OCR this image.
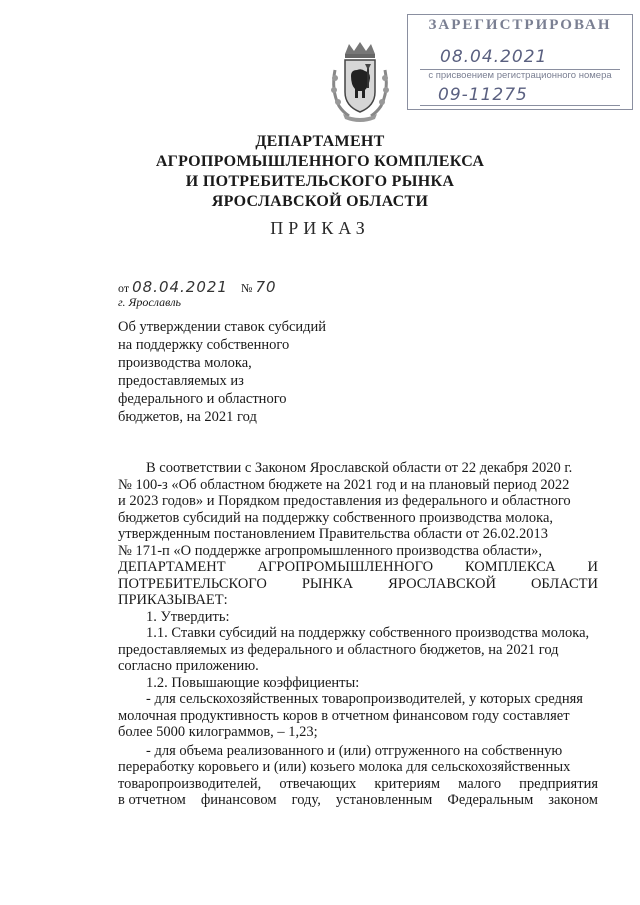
ЗАРЕГИСТРИРОВАН
08.04.2021
с присвоением регистрационного номера
09-11275
ДЕПАРТАМЕНТ
АГРОПРОМЫШЛЕННОГО КОМПЛЕКСА
И ПОТРЕБИТЕЛЬСКОГО РЫНКА
ЯРОСЛАВСКОЙ ОБЛАСТИ
ПРИКАЗ
от 08.04.2021 № 70
г. Ярославль
Об утверждении ставок субсидий
на поддержку собственного
производства молока,
предоставляемых из
федерального и областного
бюджетов, на 2021 год
В соответствии с Законом Ярославской области от 22 декабря 2020 г.
№ 100-з «Об областном бюджете на 2021 год и на плановый период 2022
и 2023 годов» и Порядком предоставления из федерального и областного
бюджетов субсидий на поддержку собственного производства молока,
утвержденным постановлением Правительства области от 26.02.2013
№ 171-п «О поддержке агропромышленного производства области»,
ДЕПАРТАМЕНТ АГРОПРОМЫШЛЕННОГО КОМПЛЕКСА И
ПОТРЕБИТЕЛЬСКОГО РЫНКА ЯРОСЛАВСКОЙ ОБЛАСТИ
ПРИКАЗЫВАЕТ:
1. Утвердить:
1.1. Ставки субсидий на поддержку собственного производства молока,
предоставляемых из федерального и областного бюджетов, на 2021 год
согласно приложению.
1.2. Повышающие коэффициенты:
- для сельскохозяйственных товаропроизводителей, у которых средняя
молочная продуктивность коров в отчетном финансовом году составляет
более 5000 килограммов, – 1,23;
- для объема реализованного и (или) отгруженного на собственную
переработку коровьего и (или) козьего молока для сельскохозяйственных
товаропроизводителей, отвечающих критериям малого предприятия
в отчетном финансовом году, установленным Федеральным законом
